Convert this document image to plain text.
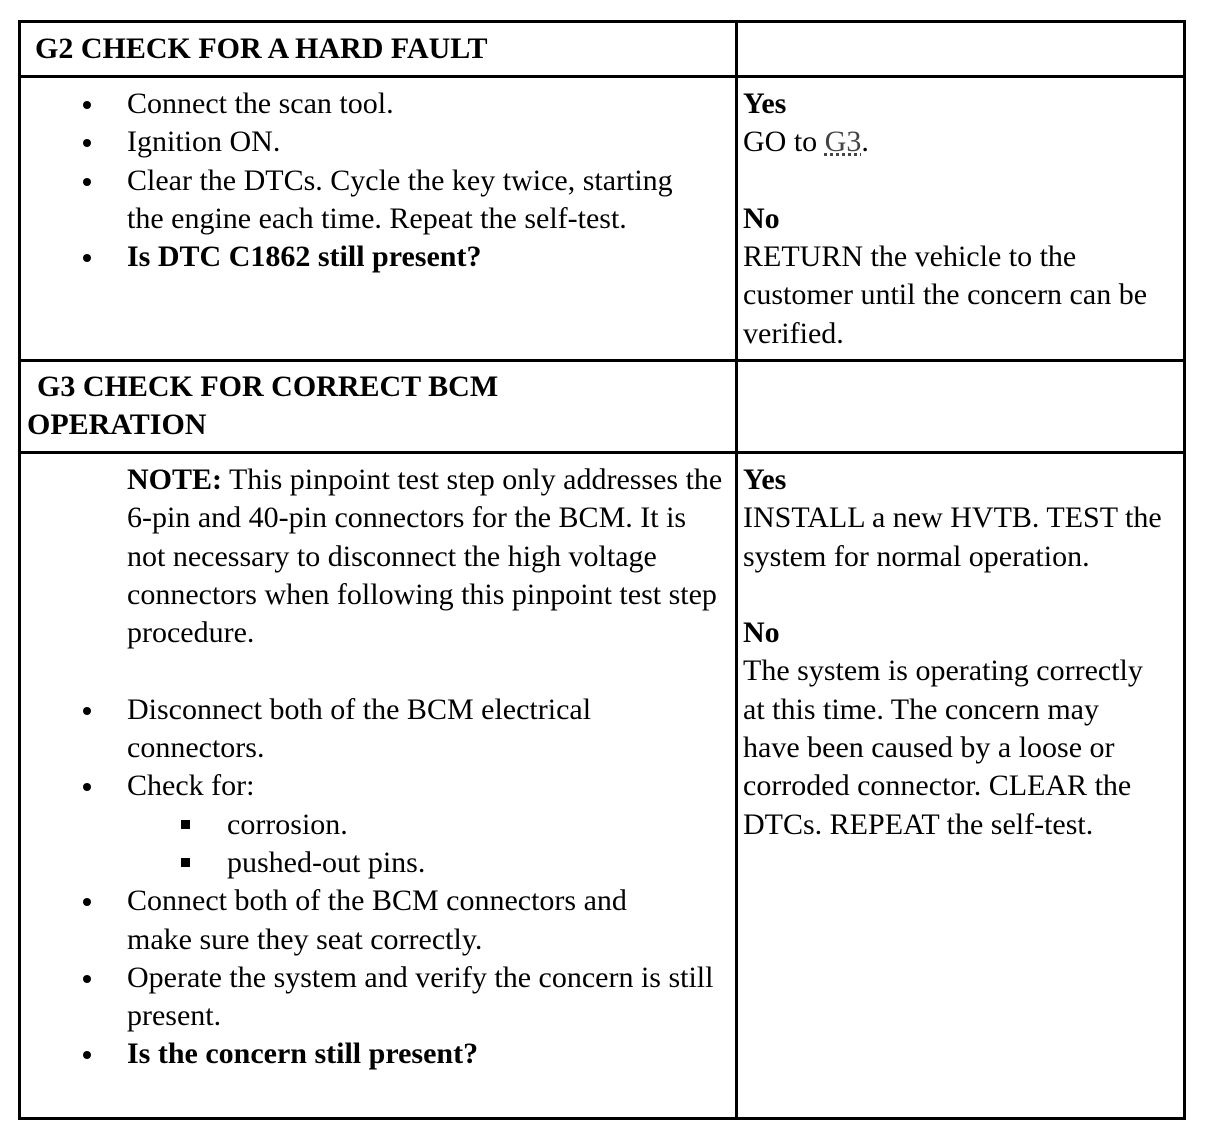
G2 CHECK FOR A HARD FAULT
Connect the scan tool.
Ignition ON.
Clear the DTCs. Cycle the key twice, starting the engine each time. Repeat the self-test.
Is DTC C1862 still present?
Yes
GO to G3.
No
RETURN the vehicle to the customer until the concern can be verified.
G3 CHECK FOR CORRECT BCM
OPERATION
NOTE: This pinpoint test step only addresses the 6-pin and 40-pin connectors for the BCM. It is not necessary to disconnect the high voltage connectors when following this pinpoint test step procedure.
Disconnect both of the BCM electrical connectors.
Check for:
corrosion.
pushed-out pins.
Connect both of the BCM connectors and make sure they seat correctly.
Operate the system and verify the concern is still present.
Is the concern still present?
Yes
INSTALL a new HVTB. TEST the system for normal operation.
No
The system is operating correctly at this time. The concern may have been caused by a loose or corroded connector. CLEAR the DTCs. REPEAT the self-test.
